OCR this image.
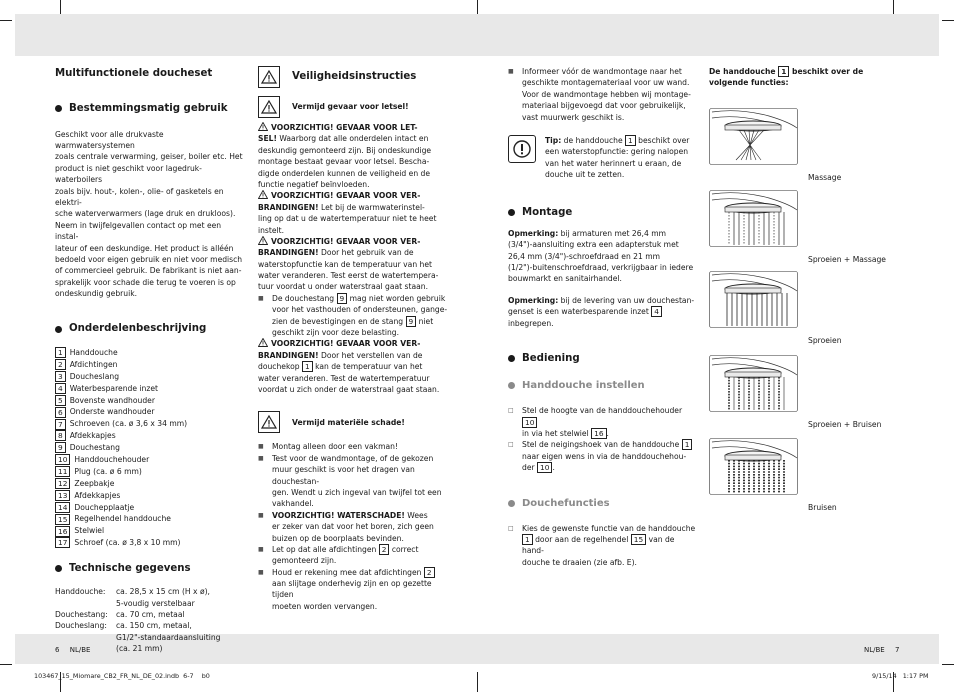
Multifunctionele doucheset
Bestemmingsmatig gebruik

Geschikt voor alle drukvaste warmwatersystemen

zoals centrale verwarming, geiser, boiler etc. Het

product is niet geschikt voor lagedruk-waterboilers

zoals bijv. hout-, kolen-, olie- of gasketels en elektri-

sche waterverwarmers (lage druk en drukloos).

Neem in twijfelgevallen contact op met een instal-

lateur of een deskundige. Het product is alléén

bedoeld voor eigen gebruik en niet voor medisch

of commercieel gebruik. De fabrikant is niet aan-

sprakelijk voor schade die terug te voeren is op

ondeskundig gebruik.

Onderdelenbeschrijving
1 Handdouche
2 Afdichtingen
3 Doucheslang
4 Waterbesparende inzet
5 Bovenste wandhouder
6 Onderste wandhouder
7 Schroeven (ca. ø 3,6 x 34 mm)
8 Afdekkapjes
9 Douchestang
10 Handdouchehouder
11 Plug (ca. ø 6 mm)
12 Zeepbakje
13 Afdekkapjes
14 Douchepplaatje
15 Regelhendel handdouche
16 Stelwiel
17 Schroef (ca. ø 3,8 x 10 mm)
Technische gegevens
Handdouche:	ca. 28,5 x 15 cm (H x ø),

5-voudig verstelbaar

Douchestang:	ca. 70 cm, metaal

Doucheslang:	ca. 150 cm, metaal,

G1/2"-standaardaansluiting

(ca. 21 mm)

Veiligheidsinstructies
Vermijd gevaar voor letsel!

VOORZICHTIG! GEVAAR VOOR LET-

SEL! Waarborg dat alle onderdelen intact en

deskundig gemonteerd zijn. Bij ondeskundige

montage bestaat gevaar voor letsel. Bescha-

digde onderdelen kunnen de veiligheid en de

functie negatief beïnvloeden.

VOORZICHTIG! GEVAAR VOOR VER-

BRANDINGEN! Let bij de warmwaterinstel-

ling op dat u de watertemperatuur niet te heet

instelt.

VOORZICHTIG! GEVAAR VOOR VER-

BRANDINGEN! Door het gebruik van de

waterstopfunctie kan de temperatuur van het

water veranderen. Test eerst de watertempera-

tuur voordat u onder waterstraal gaat staan.

■	De douchestang 9 mag niet worden gebruik

voor het vasthouden of ondersteunen, gange-

zien de bevestigingen en de stang 9 niet

geschikt zijn voor deze belasting.

VOORZICHTIG! GEVAAR VOOR VER-

BRANDINGEN! Door het verstellen van de

douchekop 1 kan de temperatuur van het

water veranderen. Test de watertemperatuur

voordat u zich onder de waterstraal gaat staan.

Vermijd materiële schade!
■	Montag alleen door een vakman!

■	Test voor de wandmontage, of de gekozen

muur geschikt is voor het dragen van douchestan-

gen. Wendt u zich ingeval van twijfel tot een

vakhandel.

■	VOORZICHTIG! WATERSCHADE! Wees

er zeker van dat voor het boren, zich geen

buizen op de boorplaats bevinden.

■	Let op dat alle afdichtingen 2 correct

gemonteerd zijn.

■	Houd er rekening mee dat afdichtingen 2

aan slijtage onderhevig zijn en op gezette tijden

moeten worden vervangen.

■	Informeer vóór de wandmontage naar het

geschikte montagemateriaal voor uw wand.

Voor de wandmontage hebben wij montage-

materiaal bijgevoegd dat voor gebruikelijk,

vast muurwerk geschikt is.

Tip: de handdouche 1 beschikt over

een waterstopfunctie: gering nalopen

van het water herinnert u eraan, de

douche uit te zetten.

Montage

Opmerking: bij armaturen met 26,4 mm

(3/4")-aansluiting extra een adapterstuk met

26,4 mm (3/4")-schroefdraad en 21 mm

(1/2")-buitenschroefdraad, verkrijgbaar in iedere

bouwmarkt en sanitairhandel.

Opmerking: bij de levering van uw douchestan-

genset is een waterbesparende inzet 4 inbegrepen.

Bediening
Handdouche instellen
□	Stel de hoogte van de handdouchehouder 10

in via het stelwiel 16 .

□	Stel de neigingshoek van de handdouche 1

naar eigen wens in via de handdouchehou-

der 10 .

Douchefuncties
□	Kies de gewenste functie van de handdouche

1 door aan de regelhendel 15 van de hand-

douche te draaien (zie afb. E).

De handdouche 1 beschikt over de

volgende functies:

Massage
Sproeien + Massage
Sproeien
Sproeien + Bruisen
Bruisen
6 NL/BE	NL/BE 7
103467_15_Miomare_CB2_FR_NL_DE_02.indb  6-7    b0	9/15/14   1:17 PM
